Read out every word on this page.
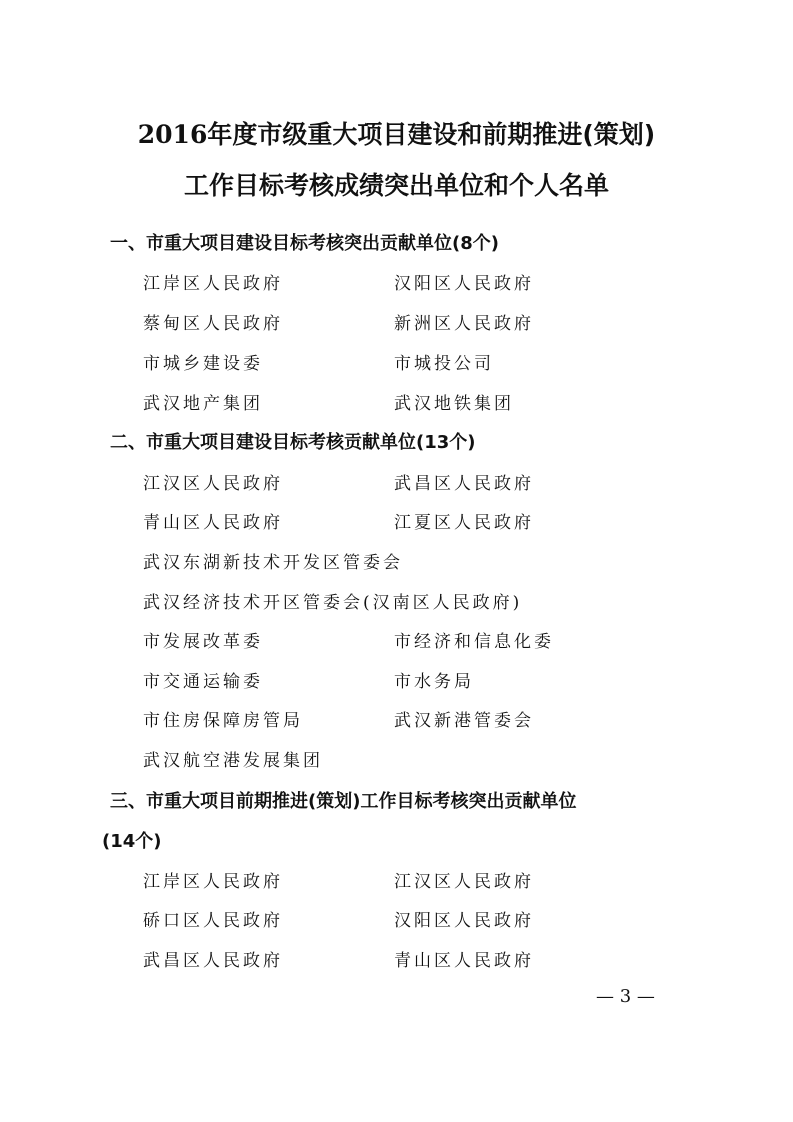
2016年度市级重大项目建设和前期推进(策划)
工作目标考核成绩突出单位和个人名单
一、市重大项目建设目标考核突出贡献单位(8个)
江岸区人民政府	汉阳区人民政府
蔡甸区人民政府	新洲区人民政府
市城乡建设委	市城投公司
武汉地产集团	武汉地铁集团
二、市重大项目建设目标考核贡献单位(13个)
江汉区人民政府	武昌区人民政府
青山区人民政府	江夏区人民政府
武汉东湖新技术开发区管委会
武汉经济技术开区管委会(汉南区人民政府)
市发展改革委	市经济和信息化委
市交通运输委	市水务局
市住房保障房管局	武汉新港管委会
武汉航空港发展集团
三、市重大项目前期推进(策划)工作目标考核突出贡献单位
(14个)
江岸区人民政府	江汉区人民政府
硚口区人民政府	汉阳区人民政府
武昌区人民政府	青山区人民政府
— 3 —
